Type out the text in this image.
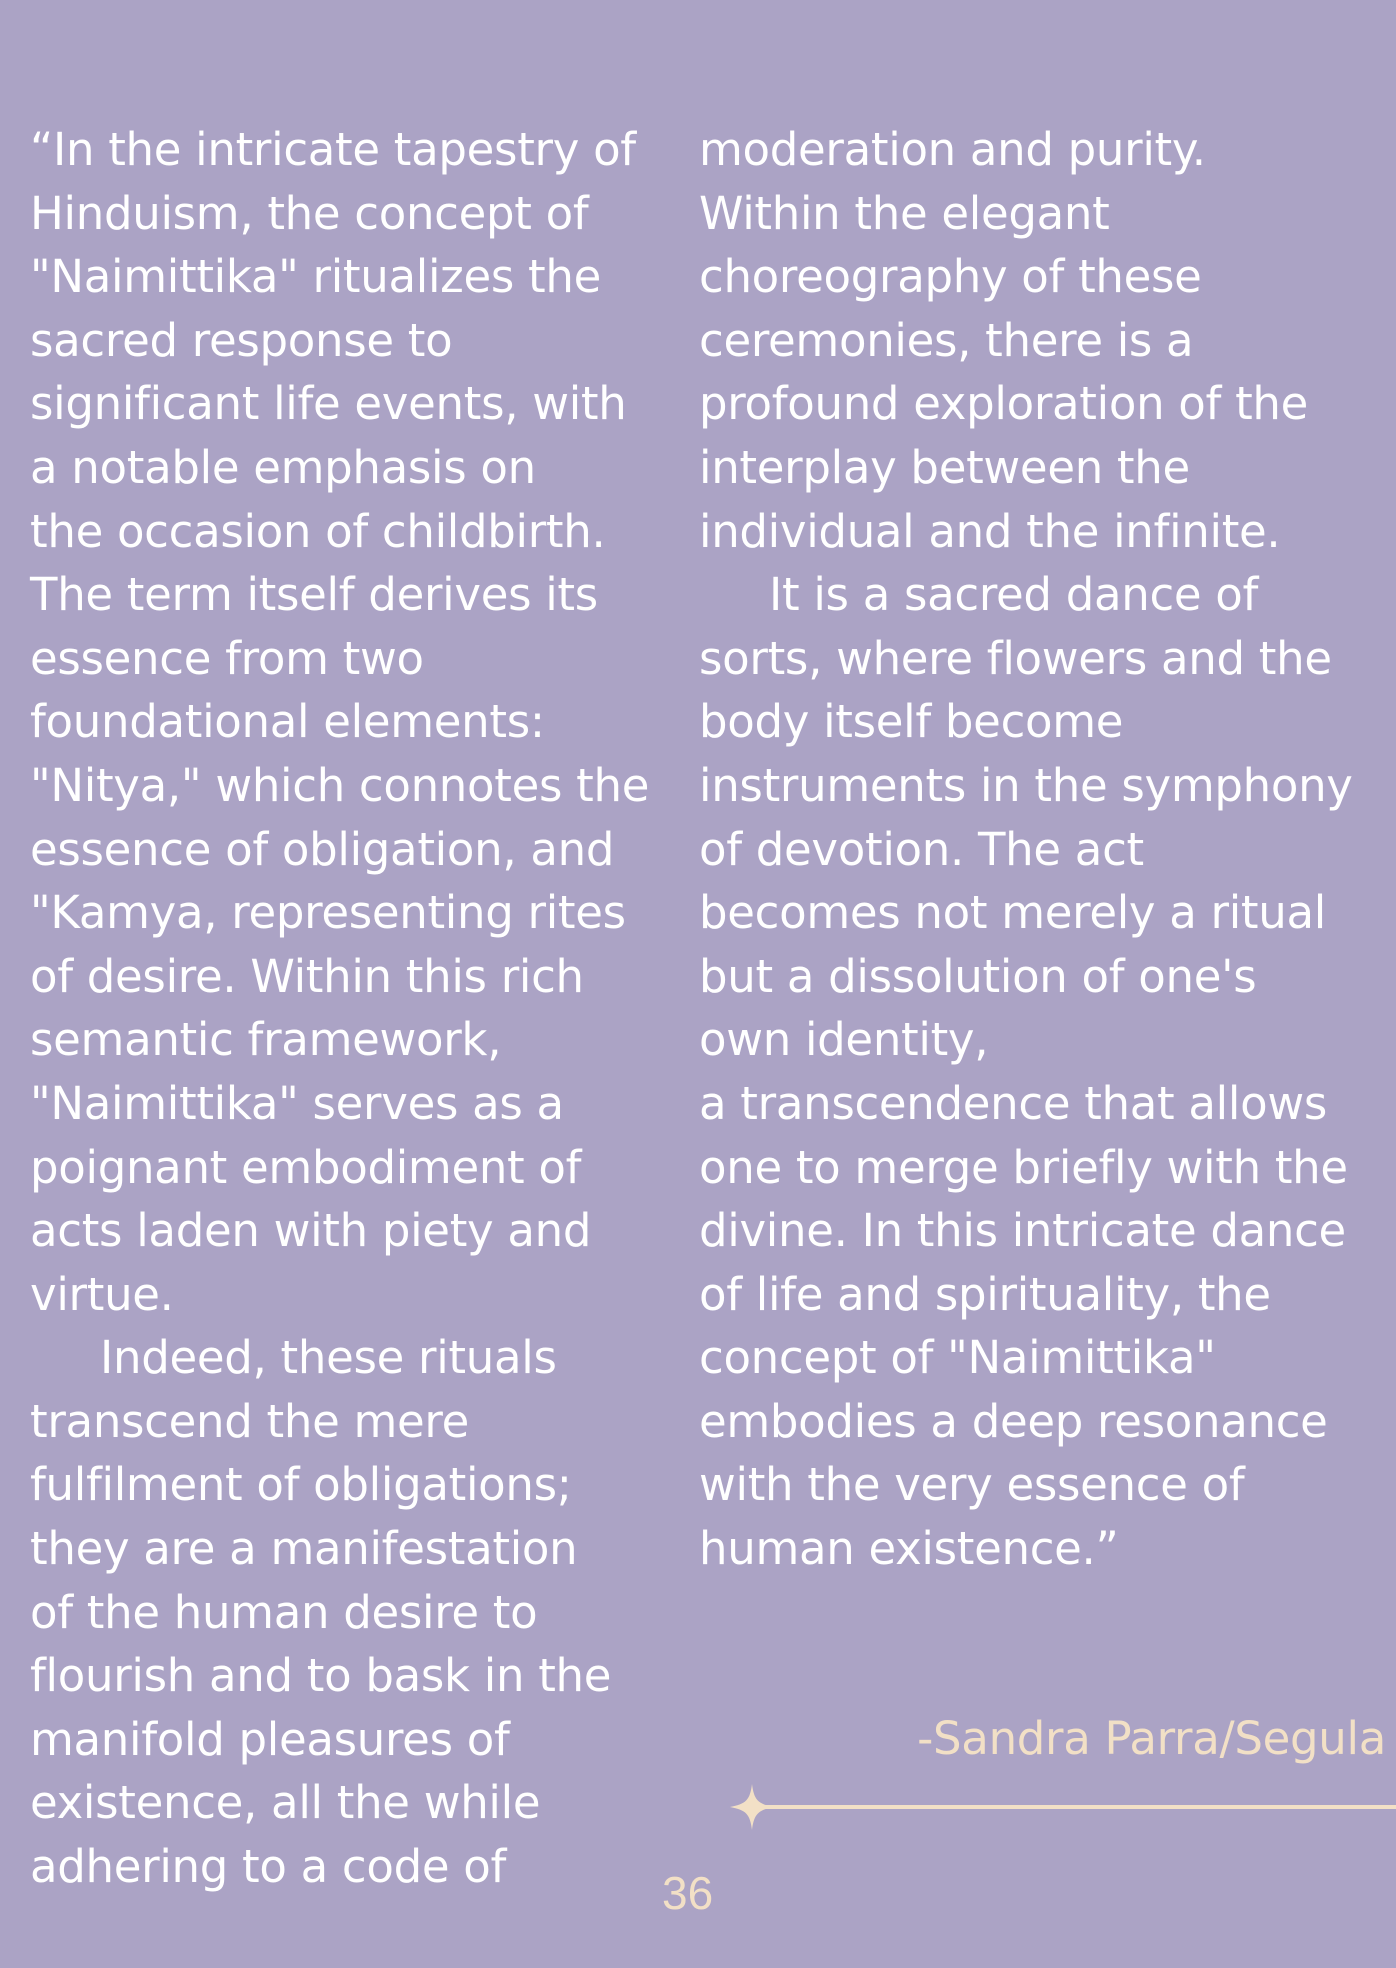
“In the intricate tapestry of
Hinduism, the concept of
"Naimittika" ritualizes the
sacred response to
significant life events, with
a notable emphasis on
the occasion of childbirth.
The term itself derives its
essence from two
foundational elements:
"Nitya," which connotes the
essence of obligation, and
"Kamya, representing rites
of desire. Within this rich
semantic framework,
"Naimittika" serves as a
poignant embodiment of
acts laden with piety and
virtue.
Indeed, these rituals
transcend the mere
fulfilment of obligations;
they are a manifestation
of the human desire to
flourish and to bask in the
manifold pleasures of
existence, all the while
adhering to a code of
moderation and purity.
Within the elegant
choreography of these
ceremonies, there is a
profound exploration of the
interplay between the
individual and the infinite.
It is a sacred dance of
sorts, where flowers and the
body itself become
instruments in the symphony
of devotion. The act
becomes not merely a ritual
but a dissolution of one's
own identity,
a transcendence that allows
one to merge briefly with the
divine. In this intricate dance
of life and spirituality, the
concept of "Naimittika"
embodies a deep resonance
with the very essence of
human existence.”
-Sandra Parra/Segula
36
